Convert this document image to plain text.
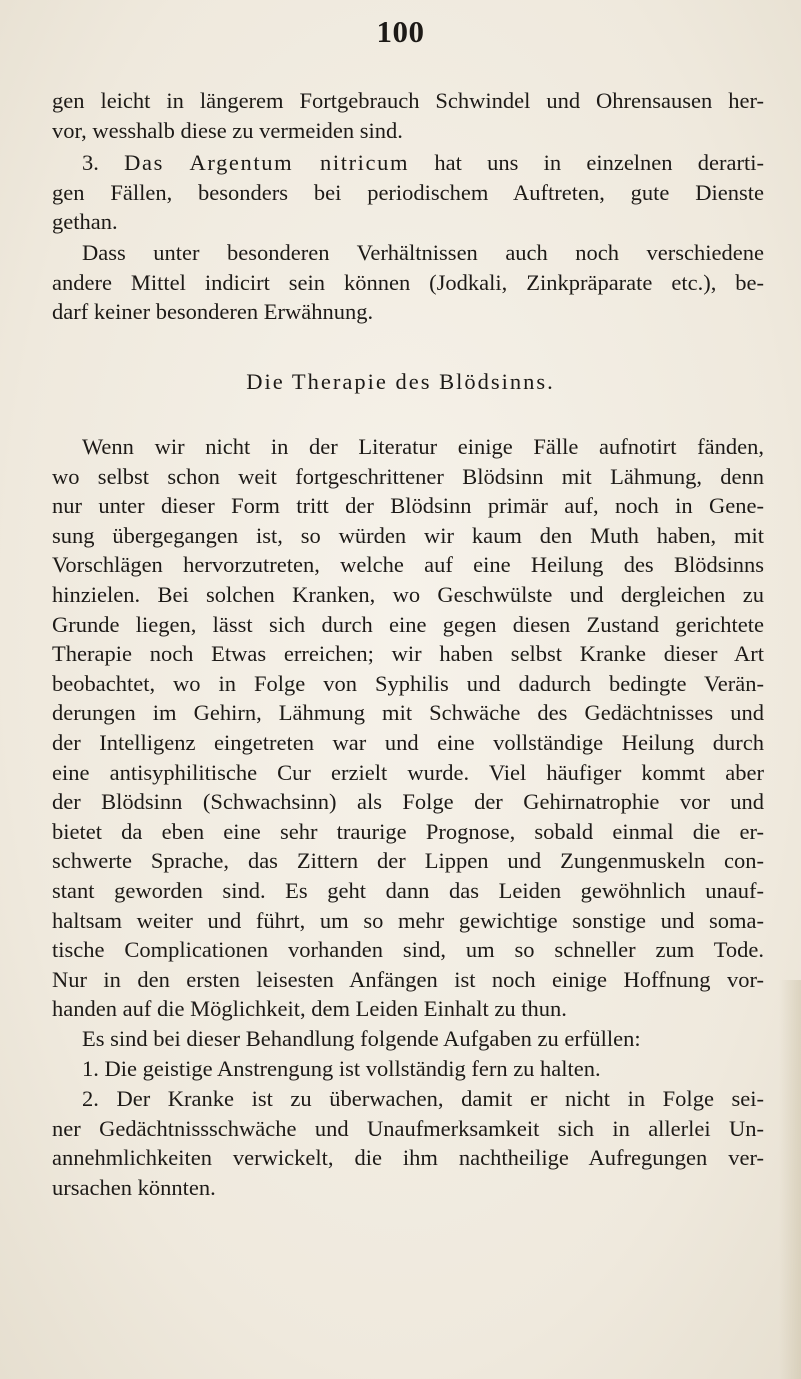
100
gen leicht in längerem Fortgebrauch Schwindel und Ohrensausen her-
vor, wesshalb diese zu vermeiden sind.
3. Das Argentum nitricum hat uns in einzelnen derarti-
gen Fällen, besonders bei periodischem Auftreten, gute Dienste
gethan.
Dass unter besonderen Verhältnissen auch noch verschiedene
andere Mittel indicirt sein können (Jodkali, Zinkpräparate etc.), be-
darf keiner besonderen Erwähnung.
Die Therapie des Blödsinns.
Wenn wir nicht in der Literatur einige Fälle aufnotirt fänden,
wo selbst schon weit fortgeschrittener Blödsinn mit Lähmung, denn
nur unter dieser Form tritt der Blödsinn primär auf, noch in Gene-
sung übergegangen ist, so würden wir kaum den Muth haben, mit
Vorschlägen hervorzutreten, welche auf eine Heilung des Blödsinns
hinzielen. Bei solchen Kranken, wo Geschwülste und dergleichen zu
Grunde liegen, lässt sich durch eine gegen diesen Zustand gerichtete
Therapie noch Etwas erreichen; wir haben selbst Kranke dieser Art
beobachtet, wo in Folge von Syphilis und dadurch bedingte Verän-
derungen im Gehirn, Lähmung mit Schwäche des Gedächtnisses und
der Intelligenz eingetreten war und eine vollständige Heilung durch
eine antisyphilitische Cur erzielt wurde. Viel häufiger kommt aber
der Blödsinn (Schwachsinn) als Folge der Gehirnatrophie vor und
bietet da eben eine sehr traurige Prognose, sobald einmal die er-
schwerte Sprache, das Zittern der Lippen und Zungenmuskeln con-
stant geworden sind. Es geht dann das Leiden gewöhnlich unauf-
haltsam weiter und führt, um so mehr gewichtige sonstige und soma-
tische Complicationen vorhanden sind, um so schneller zum Tode.
Nur in den ersten leisesten Anfängen ist noch einige Hoffnung vor-
handen auf die Möglichkeit, dem Leiden Einhalt zu thun.
Es sind bei dieser Behandlung folgende Aufgaben zu erfüllen:
1. Die geistige Anstrengung ist vollständig fern zu halten.
2. Der Kranke ist zu überwachen, damit er nicht in Folge sei-
ner Gedächtnissschwäche und Unaufmerksamkeit sich in allerlei Un-
annehmlichkeiten verwickelt, die ihm nachtheilige Aufregungen ver-
ursachen könnten.
